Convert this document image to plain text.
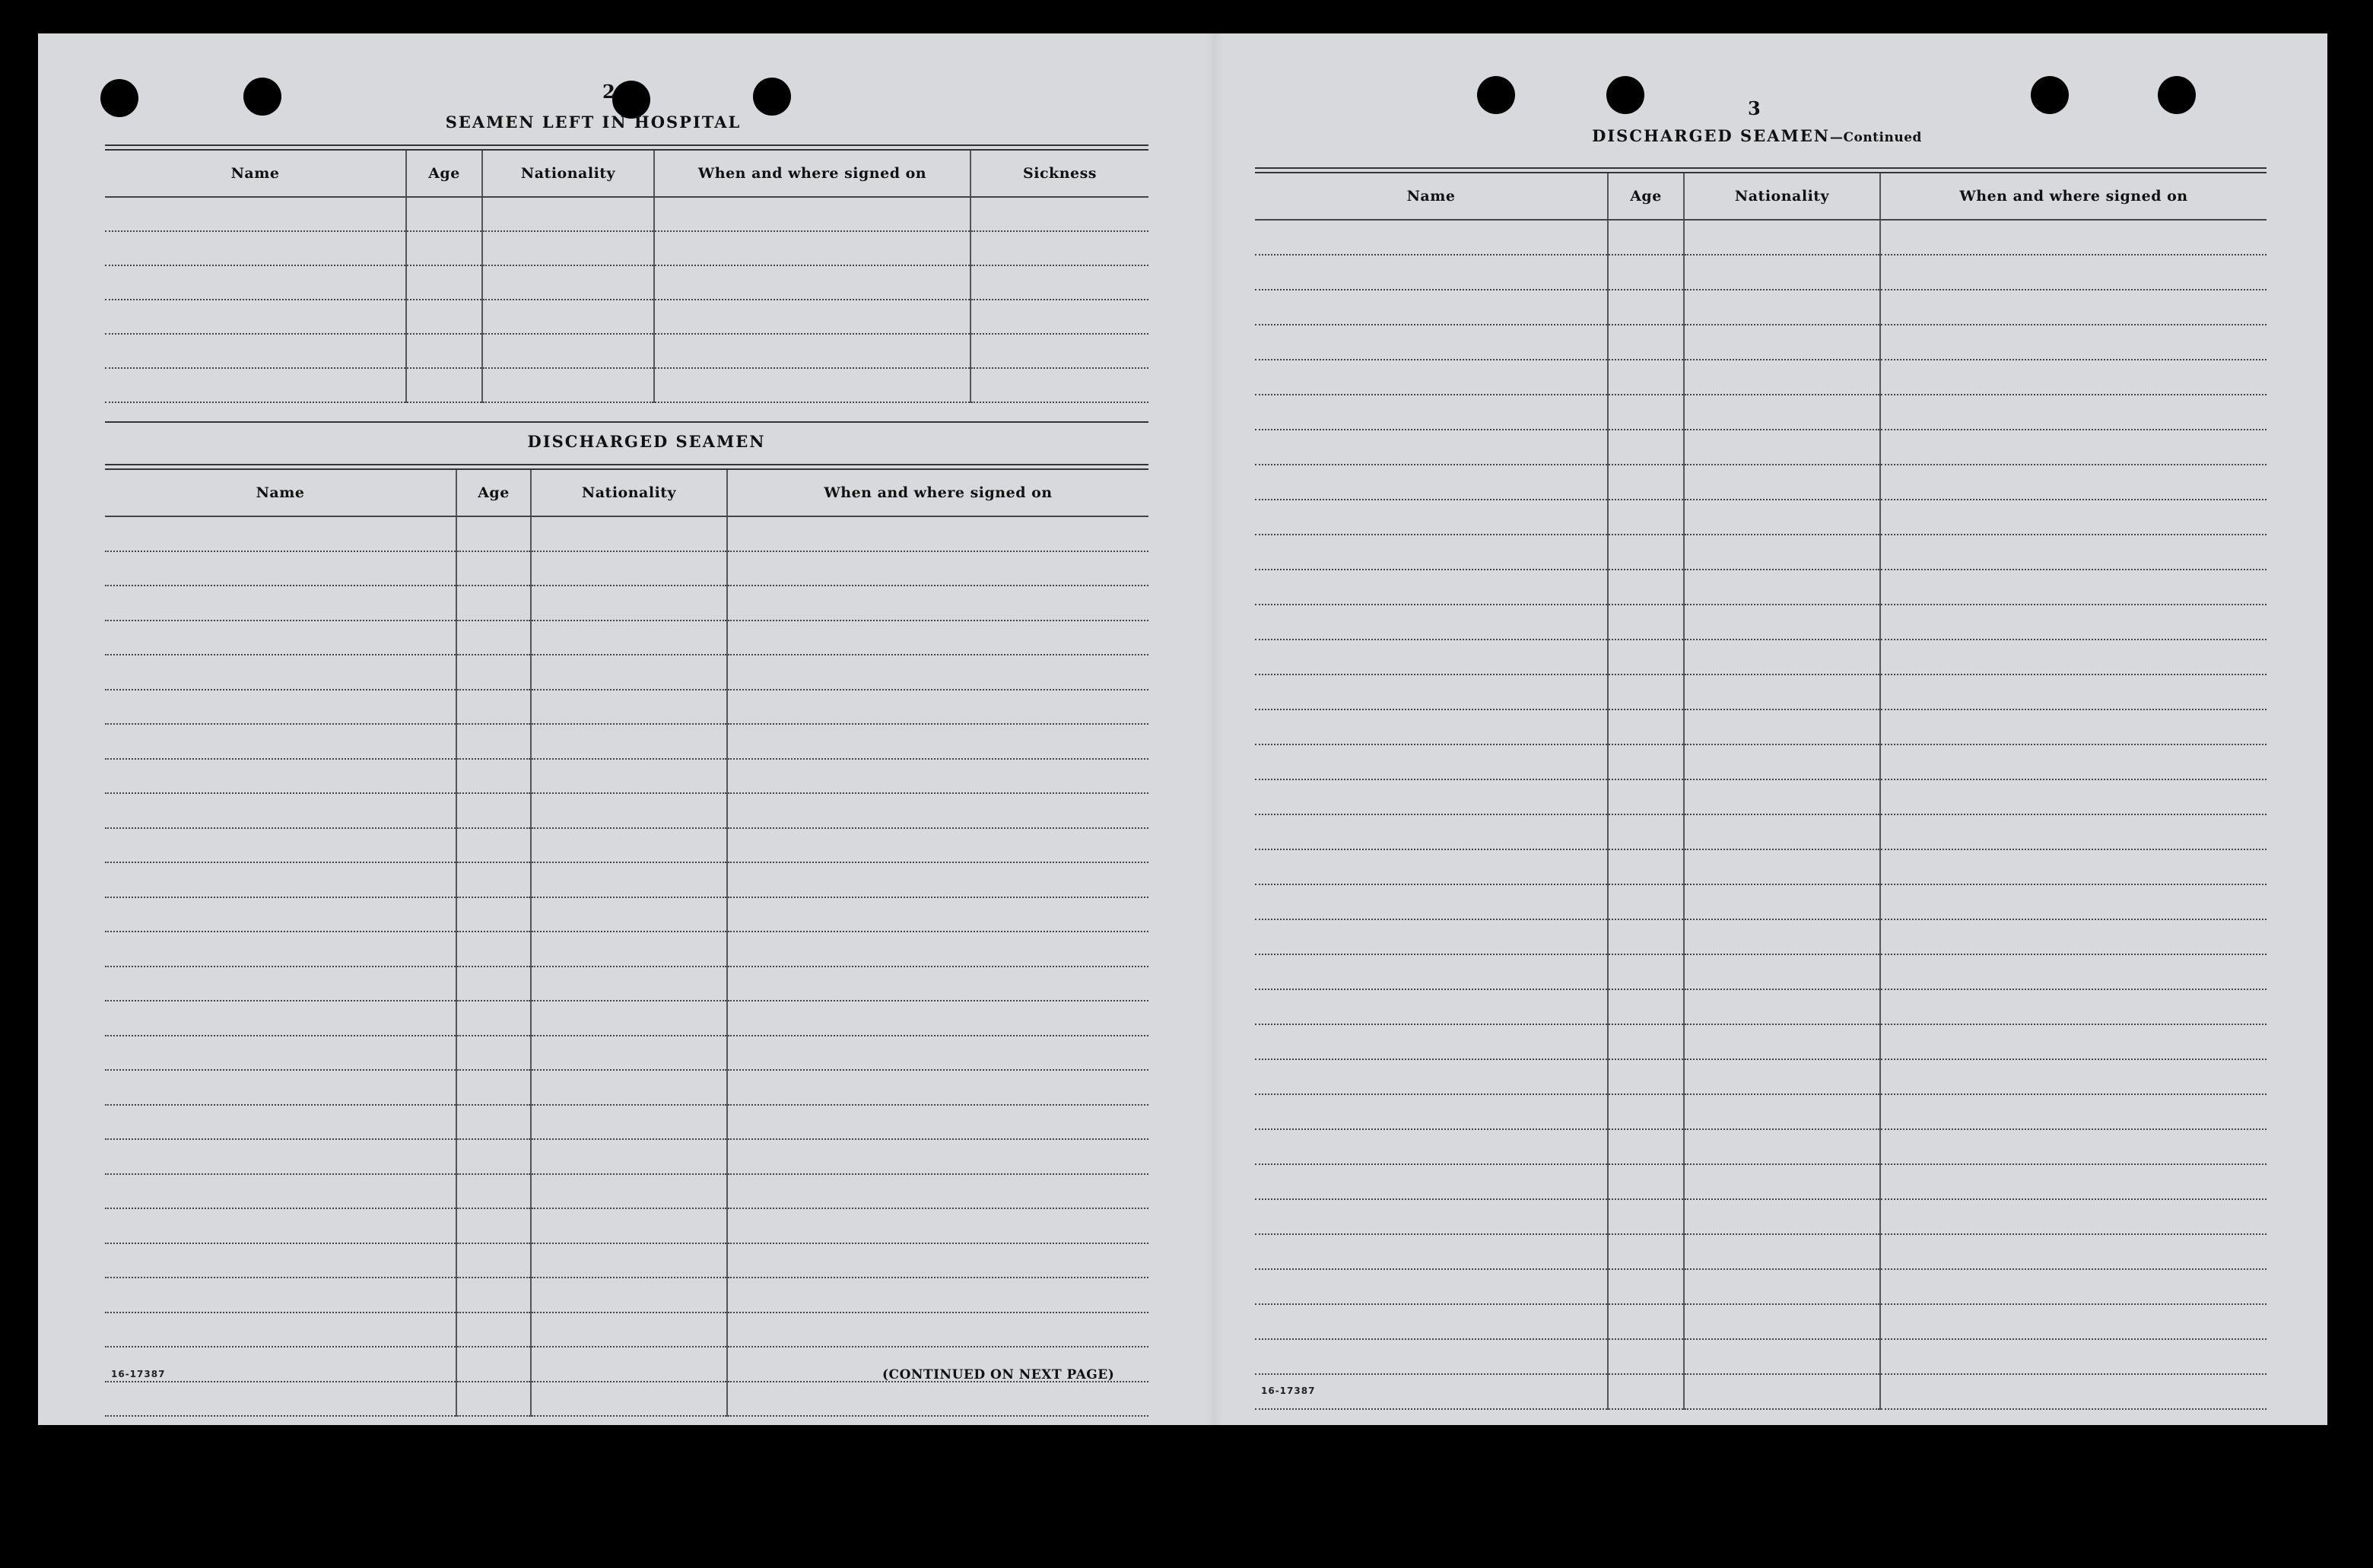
2
SEAMEN LEFT IN HOSPITAL
Name	Age	Nationality	When and where signed on	Sickness

DISCHARGED SEAMEN
Name	Age	Nationality	When and where signed on

16-17387	(CONTINUED ON NEXT PAGE)
3
DISCHARGED SEAMEN—Continued
Name	Age	Nationality	When and where signed on

16-17387
